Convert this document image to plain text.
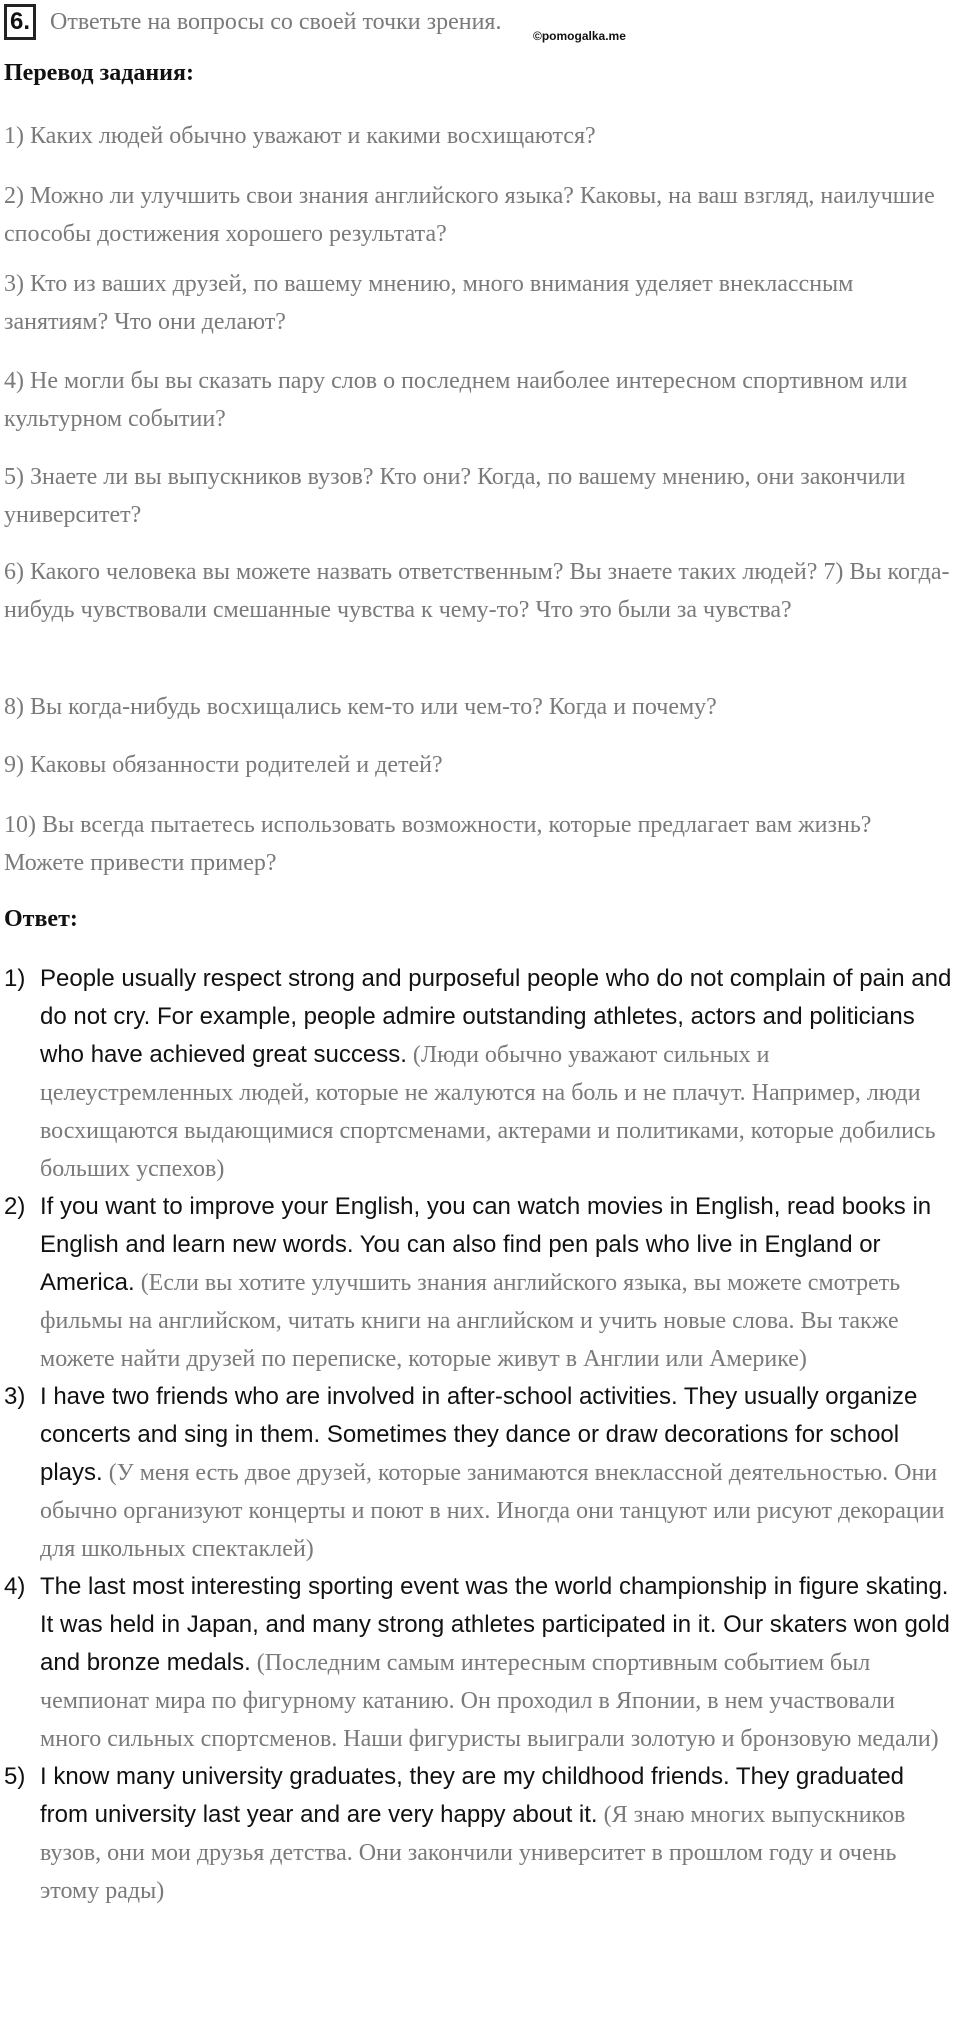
6. Ответьте на вопросы со своей точки зрения.
©pomogalka.me
Перевод задания:
1) Каких людей обычно уважают и какими восхищаются?
2) Можно ли улучшить свои знания английского языка? Каковы, на ваш взгляд, наилучшие способы достижения хорошего результата?
3) Кто из ваших друзей, по вашему мнению, много внимания уделяет внеклассным занятиям? Что они делают?
4) Не могли бы вы сказать пару слов о последнем наиболее интересном спортивном или культурном событии?
5) Знаете ли вы выпускников вузов? Кто они? Когда, по вашему мнению, они закончили университет?
6) Какого человека вы можете назвать ответственным? Вы знаете таких людей? 7) Вы когда-нибудь чувствовали смешанные чувства к чему-то? Что это были за чувства?
8) Вы когда-нибудь восхищались кем-то или чем-то? Когда и почему?
9) Каковы обязанности родителей и детей?
10) Вы всегда пытаетесь использовать возможности, которые предлагает вам жизнь? Можете привести пример?
Ответ:
1) People usually respect strong and purposeful people who do not complain of pain and do not cry. For example, people admire outstanding athletes, actors and politicians who have achieved great success. (Люди обычно уважают сильных и целеустремленных людей, которые не жалуются на боль и не плачут. Например, люди восхищаются выдающимися спортсменами, актерами и политиками, которые добились больших успехов)
2) If you want to improve your English, you can watch movies in English, read books in English and learn new words. You can also find pen pals who live in England or America. (Если вы хотите улучшить знания английского языка, вы можете смотреть фильмы на английском, читать книги на английском и учить новые слова. Вы также можете найти друзей по переписке, которые живут в Англии или Америке)
3) I have two friends who are involved in after-school activities. They usually organize concerts and sing in them. Sometimes they dance or draw decorations for school plays. (У меня есть двое друзей, которые занимаются внеклассной деятельностью. Они обычно организуют концерты и поют в них. Иногда они танцуют или рисуют декорации для школьных спектаклей)
4) The last most interesting sporting event was the world championship in figure skating. It was held in Japan, and many strong athletes participated in it. Our skaters won gold and bronze medals. (Последним самым интересным спортивным событием был чемпионат мира по фигурному катанию. Он проходил в Японии, в нем участвовали много сильных спортсменов. Наши фигуристы выиграли золотую и бронзовую медали)
5) I know many university graduates, they are my childhood friends. They graduated from university last year and are very happy about it. (Я знаю многих выпускников вузов, они мои друзья детства. Они закончили университет в прошлом году и очень этому рады)
